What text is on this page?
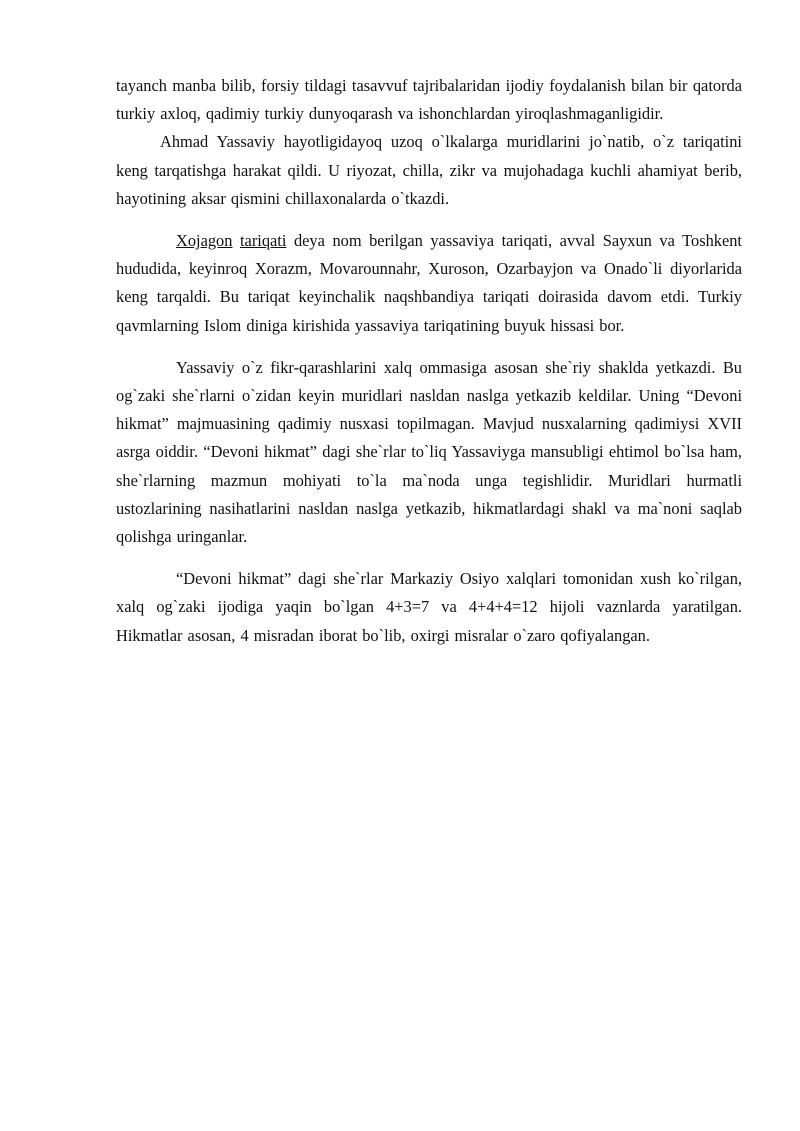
tayanch manba bilib, forsiy tildagi tasavvuf tajribalaridan ijodiy foydalanish bilan bir qatorda turkiy axloq, qadimiy turkiy dunyoqarash va ishonchlardan yiroqlashmaganligidir.

Ahmad Yassaviy hayotligidayoq uzoq o`lkalarga muridlarini jo`natib, o`z tariqatini keng tarqatishga harakat qildi. U riyozat, chilla, zikr va mujohadaga kuchli ahamiyat berib, hayotining aksar qismini chillaxonalarda o`tkazdi.

Xojagon tariqati deya nom berilgan yassaviya tariqati, avval Sayxun va Toshkent hududida, keyinroq Xorazm, Movarounnahr, Xuroson, Ozarbayjon va Onado`li diyorlarida keng tarqaldi. Bu tariqat keyinchalik naqshbandiya tariqati doirasida davom etdi. Turkiy qavmlarning Islom diniga kirishida yassaviya tariqatining buyuk hissasi bor.

Yassaviy o`z fikr-qarashlarini xalq ommasiga asosan she`riy shaklda yetkazdi. Bu og`zaki she`rlarni o`zidan keyin muridlari nasldan naslga yetkazib keldilar. Uning “Devoni hikmat” majmuasining qadimiy nusxasi topilmagan. Mavjud nusxalarning qadimiysi XVII asrga oiddir. “Devoni hikmat” dagi she`rlar to`liq Yassaviyga mansubligi ehtimol bo`lsa ham, she`rlarning mazmun mohiyati to`la ma`noda unga tegishlidir. Muridlari hurmatli ustozlarining nasihatlarini nasldan naslga yetkazib, hikmatlardagi shakl va ma`noni saqlab qolishga uringanlar.

“Devoni hikmat” dagi she`rlar Markaziy Osiyo xalqlari tomonidan xush ko`rilgan, xalq og`zaki ijodiga yaqin bo`lgan 4+3=7 va 4+4+4=12 hijoli vaznlarda yaratilgan. Hikmatlar asosan, 4 misradan iborat bo`lib, oxirgi misralar o`zaro qofiyalangan.
